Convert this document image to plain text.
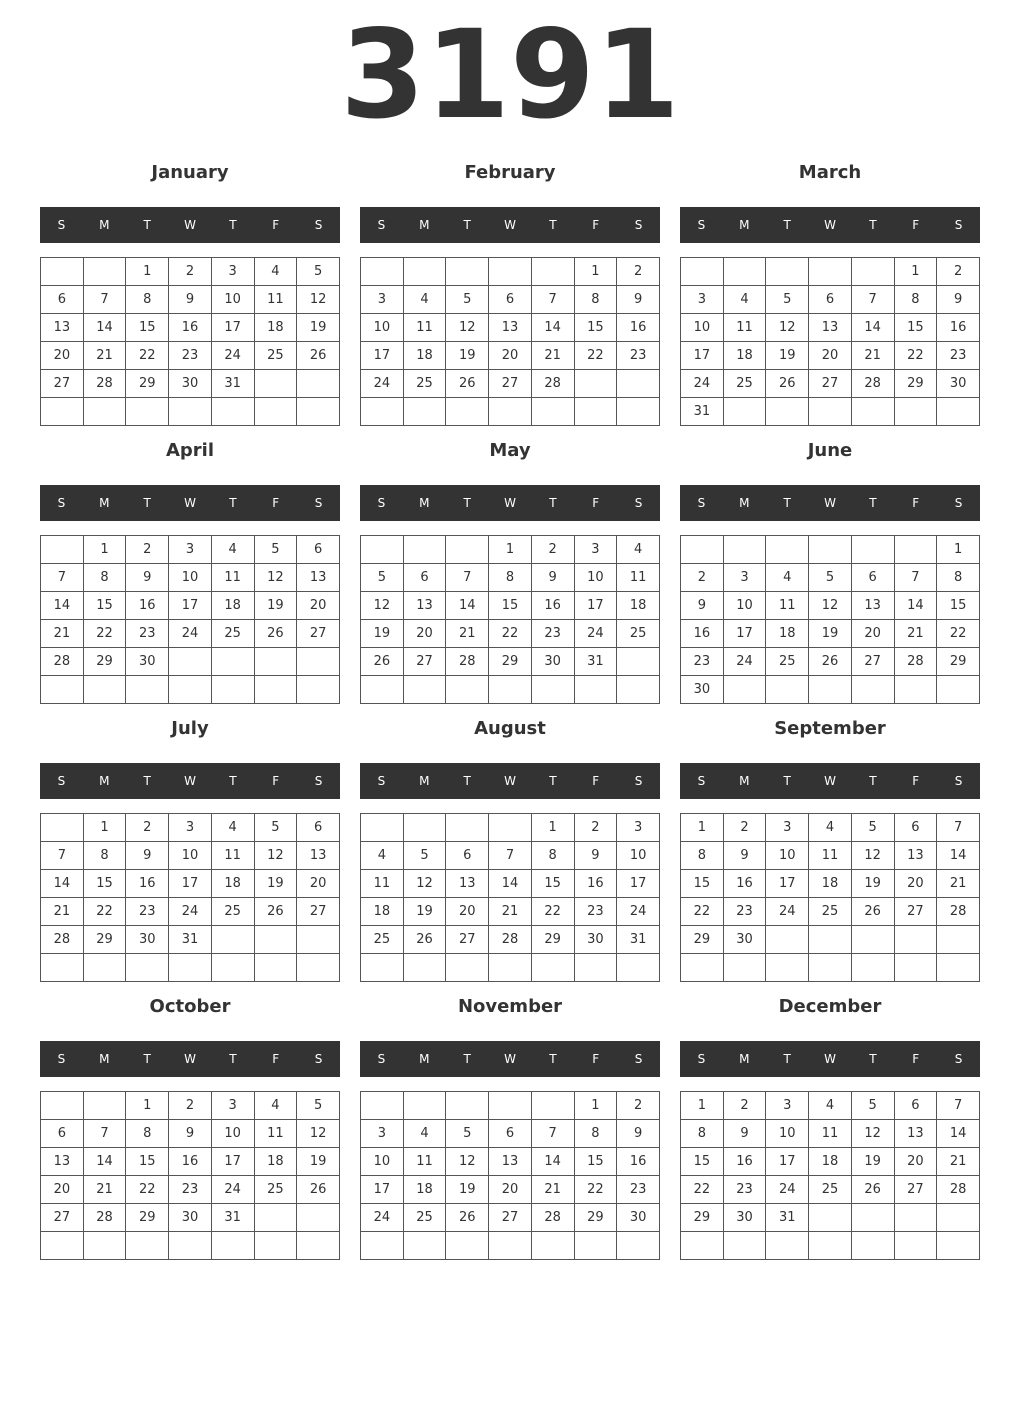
3191
January
S	M	T	W	T	F	S
		1	2	3	4	5
6	7	8	9	10	11	12
13	14	15	16	17	18	19
20	21	22	23	24	25	26
27	28	29	30	31		

February
S	M	T	W	T	F	S
					1	2
3	4	5	6	7	8	9
10	11	12	13	14	15	16
17	18	19	20	21	22	23
24	25	26	27	28		

March
S	M	T	W	T	F	S
					1	2
3	4	5	6	7	8	9
10	11	12	13	14	15	16
17	18	19	20	21	22	23
24	25	26	27	28	29	30
31						
April
S	M	T	W	T	F	S
	1	2	3	4	5	6
7	8	9	10	11	12	13
14	15	16	17	18	19	20
21	22	23	24	25	26	27
28	29	30				

May
S	M	T	W	T	F	S
			1	2	3	4
5	6	7	8	9	10	11
12	13	14	15	16	17	18
19	20	21	22	23	24	25
26	27	28	29	30	31	

June
S	M	T	W	T	F	S
						1
2	3	4	5	6	7	8
9	10	11	12	13	14	15
16	17	18	19	20	21	22
23	24	25	26	27	28	29
30						
July
S	M	T	W	T	F	S
	1	2	3	4	5	6
7	8	9	10	11	12	13
14	15	16	17	18	19	20
21	22	23	24	25	26	27
28	29	30	31			

August
S	M	T	W	T	F	S
				1	2	3
4	5	6	7	8	9	10
11	12	13	14	15	16	17
18	19	20	21	22	23	24
25	26	27	28	29	30	31

September
S	M	T	W	T	F	S
1	2	3	4	5	6	7
8	9	10	11	12	13	14
15	16	17	18	19	20	21
22	23	24	25	26	27	28
29	30					

October
S	M	T	W	T	F	S
		1	2	3	4	5
6	7	8	9	10	11	12
13	14	15	16	17	18	19
20	21	22	23	24	25	26
27	28	29	30	31		

November
S	M	T	W	T	F	S
					1	2
3	4	5	6	7	8	9
10	11	12	13	14	15	16
17	18	19	20	21	22	23
24	25	26	27	28	29	30

December
S	M	T	W	T	F	S
1	2	3	4	5	6	7
8	9	10	11	12	13	14
15	16	17	18	19	20	21
22	23	24	25	26	27	28
29	30	31				
